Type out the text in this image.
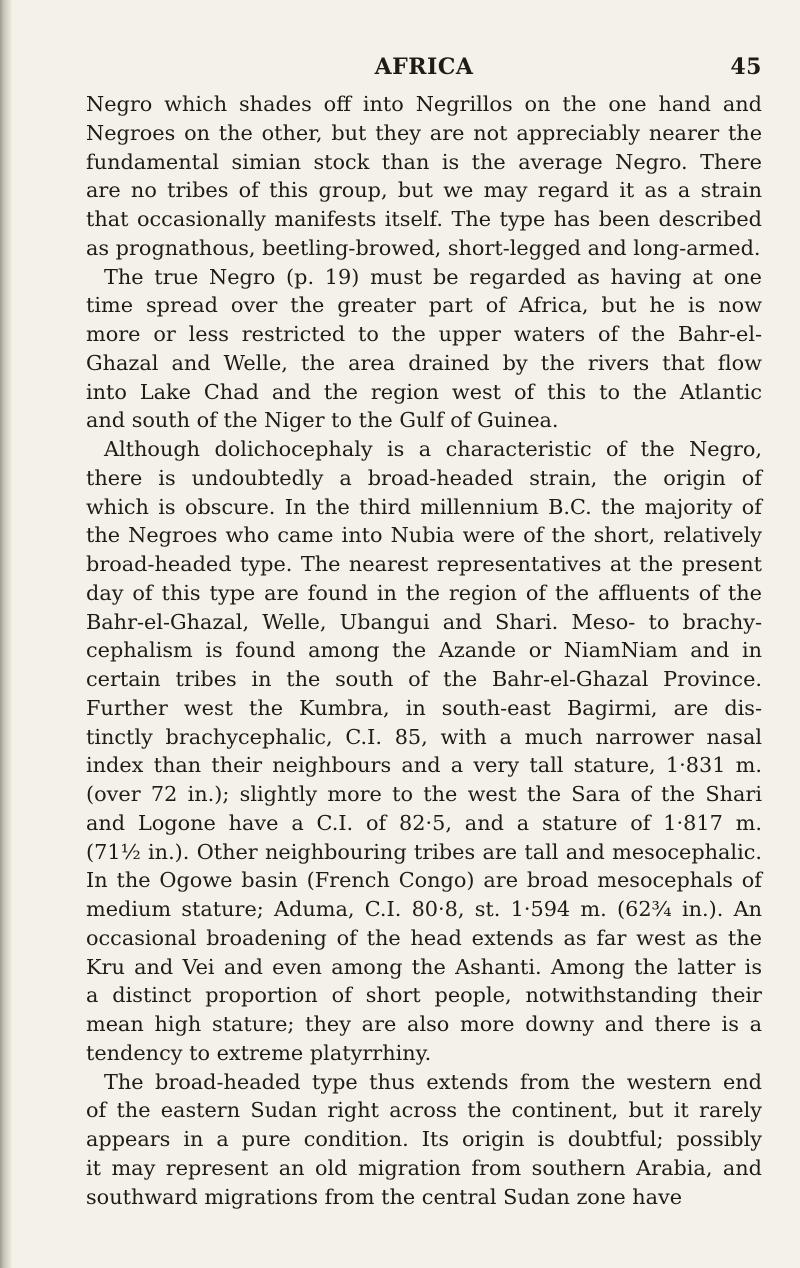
AFRICA	45
Negro which shades off into Negrillos on the one hand and
Negroes on the other, but they are not appreciably nearer the
fundamental simian stock than is the average Negro. There
are no tribes of this group, but we may regard it as a strain
that occasionally manifests itself. The type has been described
as prognathous, beetling-browed, short-legged and long-armed.
The true Negro (p. 19) must be regarded as having at one
time spread over the greater part of Africa, but he is now
more or less restricted to the upper waters of the Bahr-el-
Ghazal and Welle, the area drained by the rivers that flow
into Lake Chad and the region west of this to the Atlantic
and south of the Niger to the Gulf of Guinea.
Although dolichocephaly is a characteristic of the Negro,
there is undoubtedly a broad-headed strain, the origin of
which is obscure. In the third millennium B.C. the majority of
the Negroes who came into Nubia were of the short, relatively
broad-headed type. The nearest representatives at the present
day of this type are found in the region of the affluents of the
Bahr-el-Ghazal, Welle, Ubangui and Shari. Meso- to brachy-
cephalism is found among the Azande or NiamNiam and in
certain tribes in the south of the Bahr-el-Ghazal Province.
Further west the Kumbra, in south-east Bagirmi, are dis-
tinctly brachycephalic, C.I. 85, with a much narrower nasal
index than their neighbours and a very tall stature, 1·831 m.
(over 72 in.); slightly more to the west the Sara of the Shari
and Logone have a C.I. of 82·5, and a stature of 1·817 m.
(71½ in.). Other neighbouring tribes are tall and mesocephalic.
In the Ogowe basin (French Congo) are broad mesocephals of
medium stature; Aduma, C.I. 80·8, st. 1·594 m. (62¾ in.). An
occasional broadening of the head extends as far west as the
Kru and Vei and even among the Ashanti. Among the latter is
a distinct proportion of short people, notwithstanding their
mean high stature; they are also more downy and there is a
tendency to extreme platyrrhiny.
The broad-headed type thus extends from the western end
of the eastern Sudan right across the continent, but it rarely
appears in a pure condition. Its origin is doubtful; possibly
it may represent an old migration from southern Arabia, and
southward migrations from the central Sudan zone have
